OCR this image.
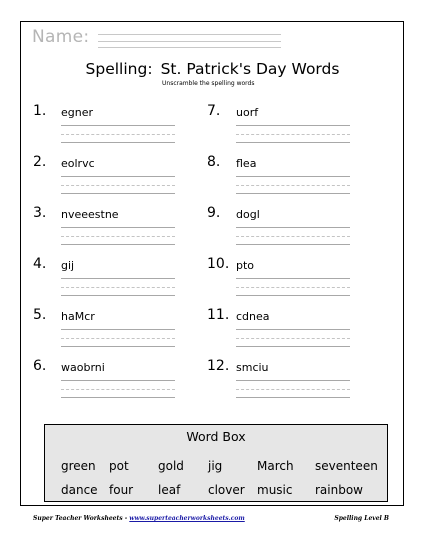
Name:
Spelling: St. Patrick's Day Words
Unscramble the spelling words
1. egner
2. eolrvc
3. nveeestne
4. gij
5. haMcr
6. waobrni
7. uorf
8. flea
9. dogl
10. pto
11. cdnea
12. smciu
Word Box
green pot gold jig	March seventeen
dance four leaf clover music rainbow
Super Teacher Worksheets - www.superteacherworksheets.com	Spelling Level B
